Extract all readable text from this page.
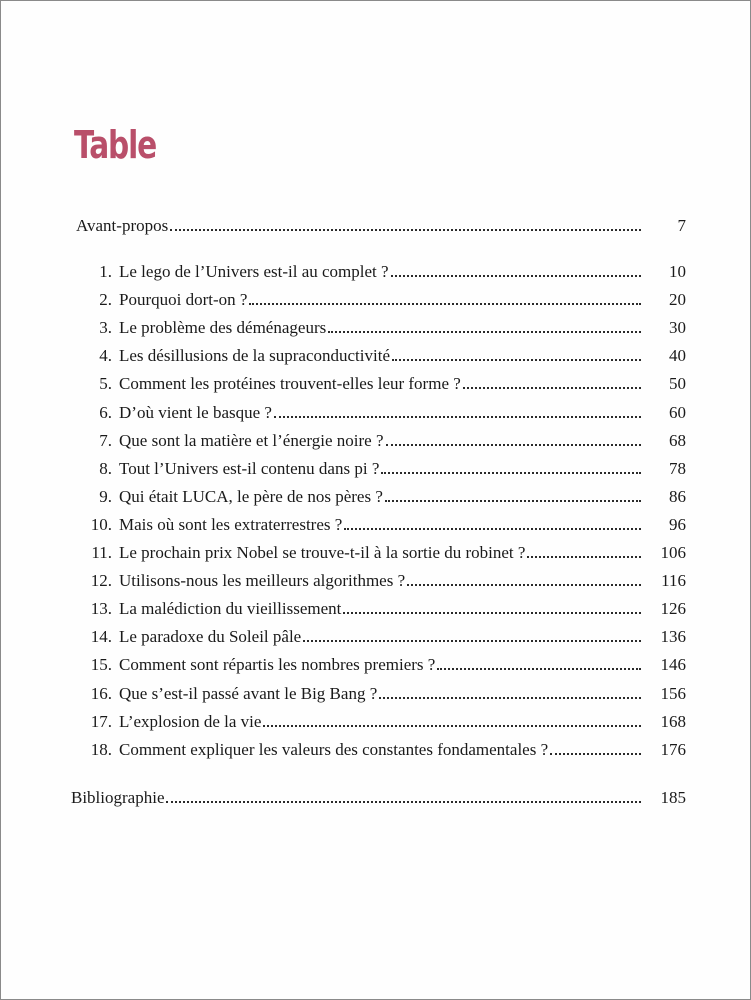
Table
Avant-propos	7
1. Le lego de l’Univers est-il au complet ?	10
2. Pourquoi dort-on ?	20
3. Le problème des déménageurs	30
4. Les désillusions de la supraconductivité	40
5. Comment les protéines trouvent-elles leur forme ?	50
6. D’où vient le basque ?	60
7. Que sont la matière et l’énergie noire ?	68
8. Tout l’Univers est-il contenu dans pi ?	78
9. Qui était LUCA, le père de nos pères ?	86
10. Mais où sont les extraterrestres ?	96
11. Le prochain prix Nobel se trouve-t-il à la sortie du robinet ?	106
12. Utilisons-nous les meilleurs algorithmes ?	116
13. La malédiction du vieillissement	126
14. Le paradoxe du Soleil pâle	136
15. Comment sont répartis les nombres premiers ?	146
16. Que s’est-il passé avant le Big Bang ?	156
17. L’explosion de la vie	168
18. Comment expliquer les valeurs des constantes fondamentales ?	176
Bibliographie	185
